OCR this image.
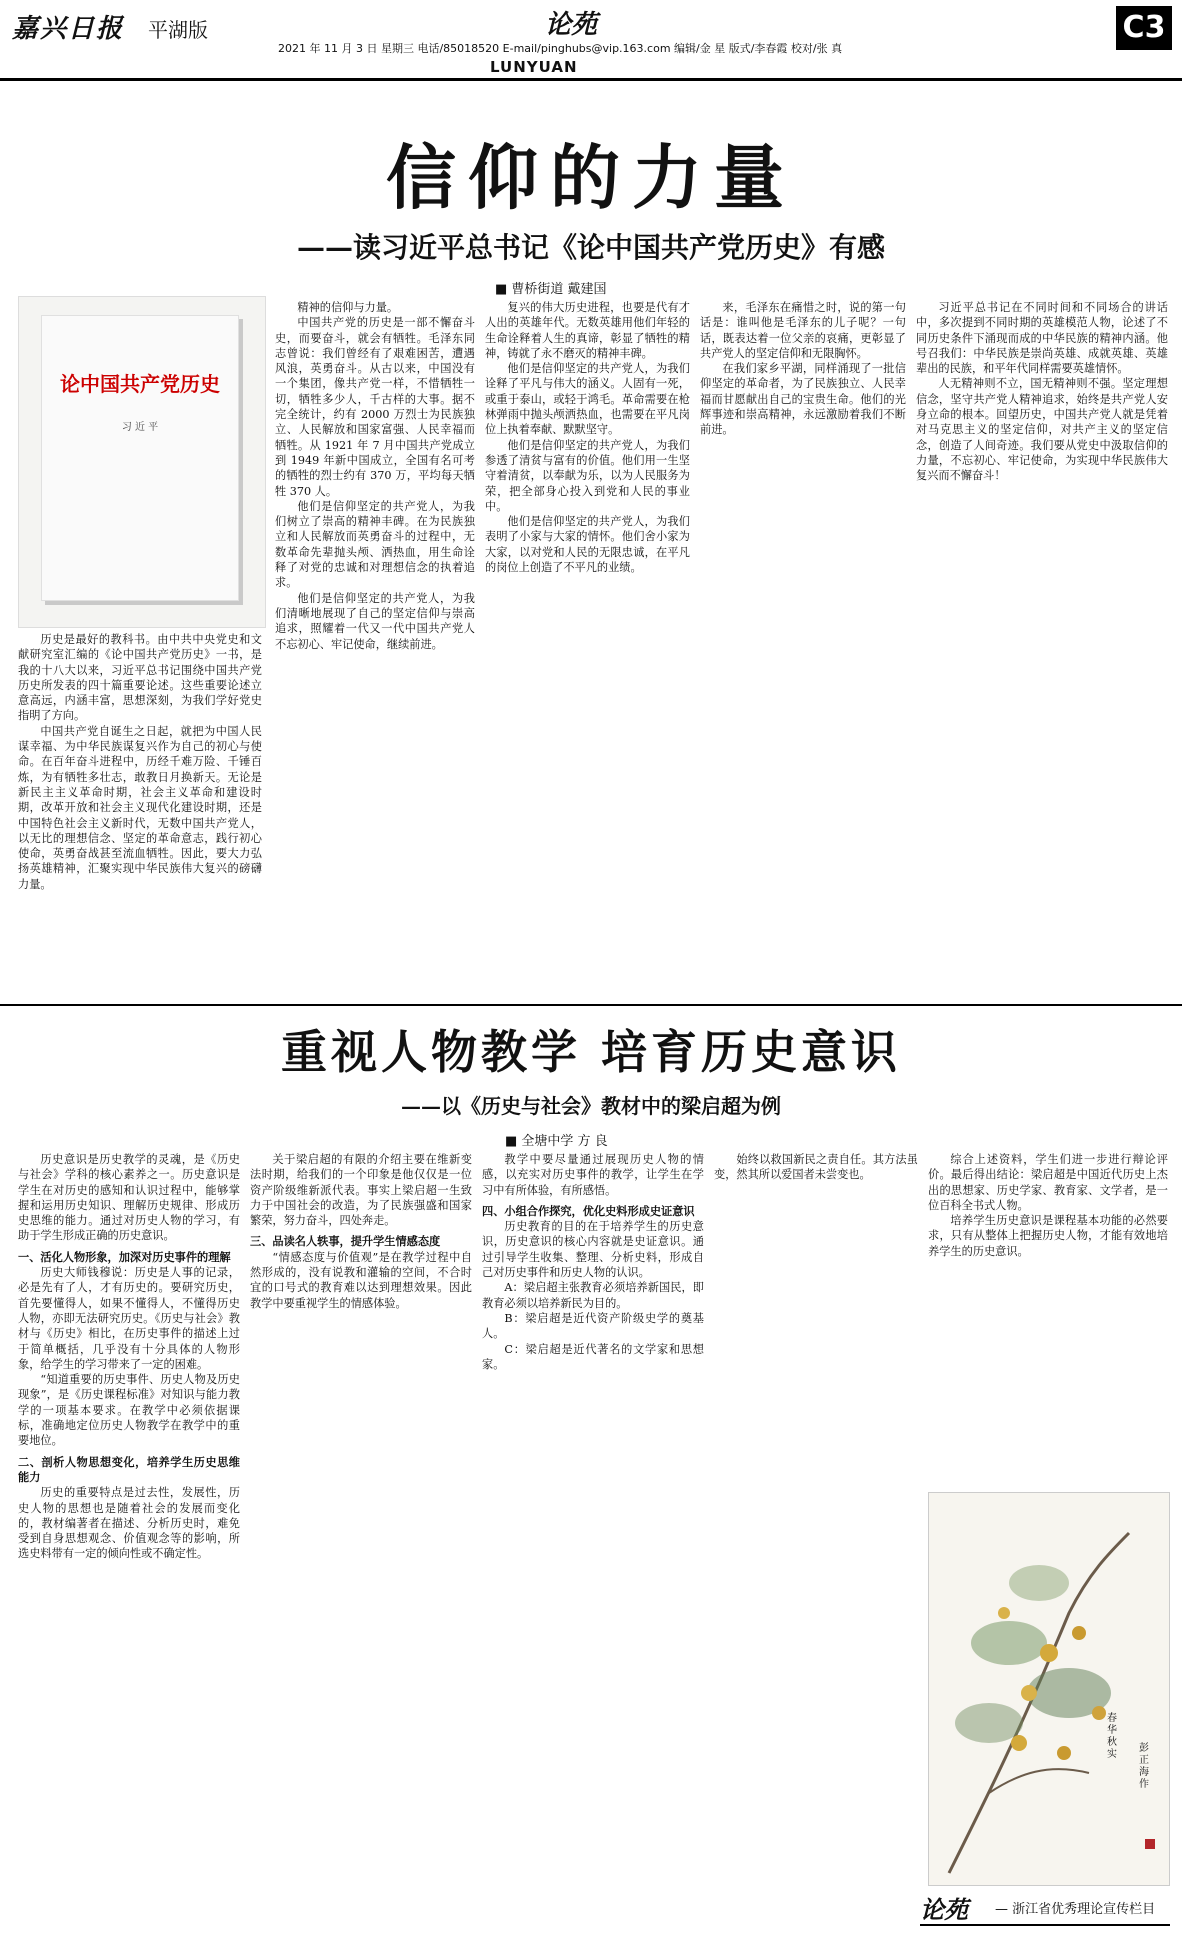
嘉兴日报 平湖版	论苑
2021 年 11 月 3 日 星期三 电话/85018520 E-mail/pinghubs@vip.163.com 编辑/金 星 版式/李春霞 校对/张 真
C3
LUNYUAN
信仰的力量
——读习近平总书记《论中国共产党历史》有感
■ 曹桥街道 戴建国
论中国共产党历史
习 近 平

历史是最好的教科书。由中共中央党史和文献研究室汇编的《论中国共产党历史》一书，是我的十八大以来，习近平总书记围绕中国共产党历史所发表的四十篇重要论述。这些重要论述立意高远，内涵丰富，思想深刻，为我们学好党史指明了方向。

中国共产党自诞生之日起，就把为中国人民谋幸福、为中华民族谋复兴作为自己的初心与使命。在百年奋斗进程中，历经千难万险、千锤百炼，为有牺牲多壮志，敢教日月换新天。无论是新民主主义革命时期，社会主义革命和建设时期，改革开放和社会主义现代化建设时期，还是中国特色社会主义新时代，无数中国共产党人，以无比的理想信念、坚定的革命意志，践行初心使命，英勇奋战甚至流血牺牲。因此，要大力弘扬英雄精神，汇聚实现中华民族伟大复兴的磅礴力量。

精神的信仰与力量。

中国共产党的历史是一部不懈奋斗史，而要奋斗，就会有牺牲。毛泽东同志曾说：我们曾经有了艰难困苦，遭遇风浪，英勇奋斗。从古以来，中国没有一个集团，像共产党一样，不惜牺牲一切，牺牲多少人，千古样的大事。据不完全统计，约有 2000 万烈士为民族独立、人民解放和国家富强、人民幸福而牺牲。从 1921 年 7 月中国共产党成立到 1949 年新中国成立，全国有名可考的牺牲的烈士约有 370 万，平均每天牺牲 370 人。

他们是信仰坚定的共产党人，为我们树立了崇高的精神丰碑。在为民族独立和人民解放而英勇奋斗的过程中，无数革命先辈抛头颅、洒热血，用生命诠释了对党的忠诚和对理想信念的执着追求。

他们是信仰坚定的共产党人，为我们清晰地展现了自己的坚定信仰与崇高追求，照耀着一代又一代中国共产党人不忘初心、牢记使命，继续前进。

复兴的伟大历史进程，也要是代有才人出的英雄年代。无数英雄用他们年轻的生命诠释着人生的真谛，彰显了牺牲的精神，铸就了永不磨灭的精神丰碑。

他们是信仰坚定的共产党人，为我们诠释了平凡与伟大的涵义。人固有一死，或重于泰山，或轻于鸿毛。革命需要在枪林弹雨中抛头颅洒热血，也需要在平凡岗位上执着奉献、默默坚守。

他们是信仰坚定的共产党人，为我们参透了清贫与富有的价值。他们用一生坚守着清贫，以奉献为乐，以为人民服务为荣，把全部身心投入到党和人民的事业中。

他们是信仰坚定的共产党人，为我们表明了小家与大家的情怀。他们舍小家为大家，以对党和人民的无限忠诚，在平凡的岗位上创造了不平凡的业绩。

来，毛泽东在痛惜之时，说的第一句话是：谁叫他是毛泽东的儿子呢？一句话，既表达着一位父亲的哀痛，更彰显了共产党人的坚定信仰和无限胸怀。

在我们家乡平湖，同样涌现了一批信仰坚定的革命者，为了民族独立、人民幸福而甘愿献出自己的宝贵生命。他们的光辉事迹和崇高精神，永远激励着我们不断前进。

习近平总书记在不同时间和不同场合的讲话中，多次提到不同时期的英雄模范人物，论述了不同历史条件下涌现而成的中华民族的精神内涵。他号召我们：中华民族是崇尚英雄、成就英雄、英雄辈出的民族，和平年代同样需要英雄情怀。

人无精神则不立，国无精神则不强。坚定理想信念，坚守共产党人精神追求，始终是共产党人安身立命的根本。回望历史，中国共产党人就是凭着对马克思主义的坚定信仰，对共产主义的坚定信念，创造了人间奇迹。我们要从党史中汲取信仰的力量，不忘初心、牢记使命，为实现中华民族伟大复兴而不懈奋斗！

重视人物教学 培育历史意识
——以《历史与社会》教材中的梁启超为例
■ 全塘中学 方 良

历史意识是历史教学的灵魂，是《历史与社会》学科的核心素养之一。历史意识是学生在对历史的感知和认识过程中，能够掌握和运用历史知识、理解历史规律、形成历史思维的能力。通过对历史人物的学习，有助于学生形成正确的历史意识。

一、活化人物形象，加深对历史事件的理解

历史大师钱穆说：历史是人事的记录，必是先有了人，才有历史的。要研究历史，首先要懂得人，如果不懂得人，不懂得历史人物，亦即无法研究历史。《历史与社会》教材与《历史》相比，在历史事件的描述上过于简单概括，几乎没有十分具体的人物形象，给学生的学习带来了一定的困难。

“知道重要的历史事件、历史人物及历史现象”，是《历史课程标准》对知识与能力教学的一项基本要求。在教学中必须依据课标，准确地定位历史人物教学在教学中的重要地位。

二、剖析人物思想变化，培养学生历史思维能力

历史的重要特点是过去性，发展性，历史人物的思想也是随着社会的发展而变化的，教材编著者在描述、分析历史时，难免受到自身思想观念、价值观念等的影响，所选史料带有一定的倾向性或不确定性。

关于梁启超的有限的介绍主要在维新变法时期，给我们的一个印象是他仅仅是一位资产阶级维新派代表。事实上梁启超一生致力于中国社会的改造，为了民族强盛和国家繁荣，努力奋斗，四处奔走。

三、品读名人轶事，提升学生情感态度

“情感态度与价值观”是在教学过程中自然形成的，没有说教和灌输的空间，不合时宜的口号式的教育难以达到理想效果。因此教学中要重视学生的情感体验。

教学中要尽量通过展现历史人物的情感，以充实对历史事件的教学，让学生在学习中有所体验，有所感悟。

四、小组合作探究，优化史料形成史证意识

历史教育的目的在于培养学生的历史意识，历史意识的核心内容就是史证意识。通过引导学生收集、整理、分析史料，形成自己对历史事件和历史人物的认识。

A：梁启超主张教育必须培养新国民，即教育必须以培养新民为目的。

B：梁启超是近代资产阶级史学的奠基人。

C：梁启超是近代著名的文学家和思想家。

始终以救国新民之责自任。其方法虽变，然其所以爱国者未尝变也。

综合上述资料，学生们进一步进行辩论评价。最后得出结论：梁启超是中国近代历史上杰出的思想家、历史学家、教育家、文学者，是一位百科全书式人物。

培养学生历史意识是课程基本功能的必然要求，只有从整体上把握历史人物，才能有效地培养学生的历史意识。

春华秋实
彭正海 作
论苑 — 浙江省优秀理论宣传栏目
